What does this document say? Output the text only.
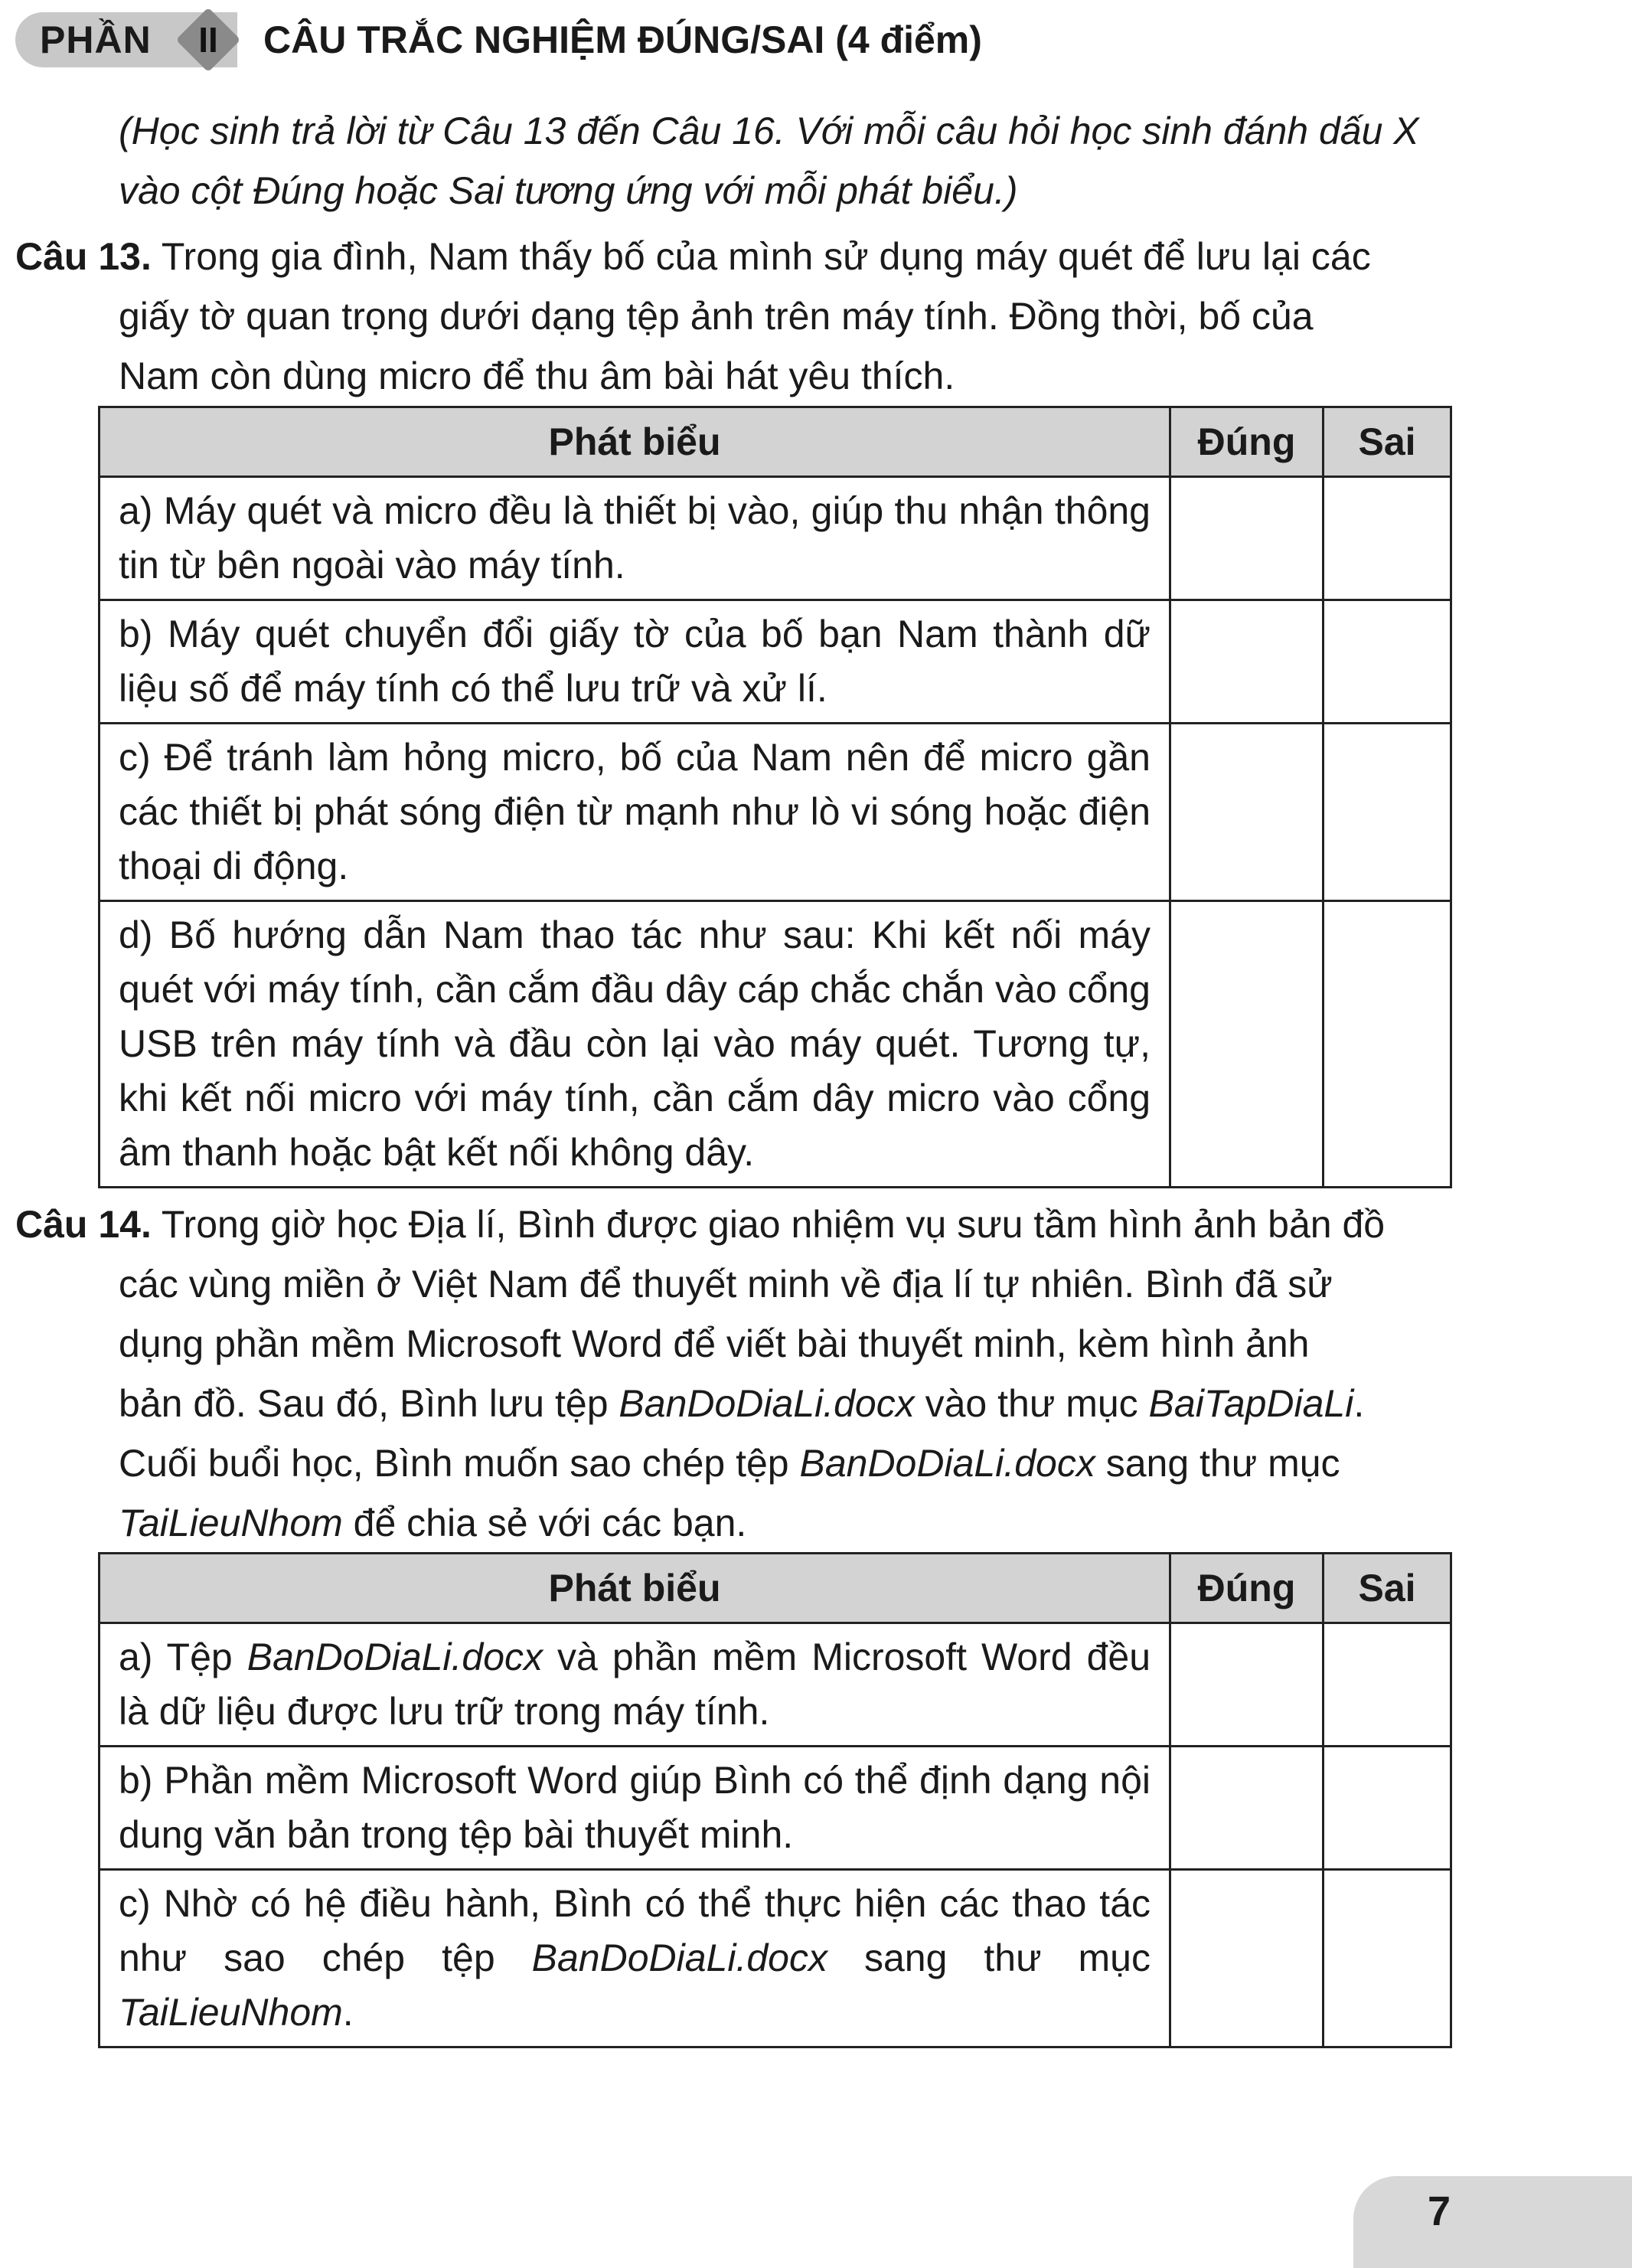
PHẦN	II	CÂU TRẮC NGHIỆM ĐÚNG/SAI (4 điểm)
(Học sinh trả lời từ Câu 13 đến Câu 16. Với mỗi câu hỏi học sinh đánh dấu X
vào cột Đúng hoặc Sai tương ứng với mỗi phát biểu.)
Câu 13. Trong gia đình, Nam thấy bố của mình sử dụng máy quét để lưu lại các
giấy tờ quan trọng dưới dạng tệp ảnh trên máy tính. Đồng thời, bố của
Nam còn dùng micro để thu âm bài hát yêu thích.
Phát biểu	Đúng	Sai
a) Máy quét và micro đều là thiết bị vào, giúp thu nhận thông tin từ bên ngoài vào máy tính.		
b) Máy quét chuyển đổi giấy tờ của bố bạn Nam thành dữ liệu số để máy tính có thể lưu trữ và xử lí.		
c) Để tránh làm hỏng micro, bố của Nam nên để micro gần các thiết bị phát sóng điện từ mạnh như lò vi sóng hoặc điện thoại di động.		
d) Bố hướng dẫn Nam thao tác như sau: Khi kết nối máy quét với máy tính, cần cắm đầu dây cáp chắc chắn vào cổng USB trên máy tính và đầu còn lại vào máy quét. Tương tự, khi kết nối micro với máy tính, cần cắm dây micro vào cổng âm thanh hoặc bật kết nối không dây.		
Câu 14. Trong giờ học Địa lí, Bình được giao nhiệm vụ sưu tầm hình ảnh bản đồ
các vùng miền ở Việt Nam để thuyết minh về địa lí tự nhiên. Bình đã sử
dụng phần mềm Microsoft Word để viết bài thuyết minh, kèm hình ảnh
bản đồ. Sau đó, Bình lưu tệp BanDoDiaLi.docx vào thư mục BaiTapDiaLi.
Cuối buổi học, Bình muốn sao chép tệp BanDoDiaLi.docx sang thư mục
TaiLieuNhom để chia sẻ với các bạn.
Phát biểu	Đúng	Sai
a) Tệp BanDoDiaLi.docx và phần mềm Microsoft Word đều là dữ liệu được lưu trữ trong máy tính.		
b) Phần mềm Microsoft Word giúp Bình có thể định dạng nội dung văn bản trong tệp bài thuyết minh.		
c) Nhờ có hệ điều hành, Bình có thể thực hiện các thao tác như sao chép tệp BanDoDiaLi.docx sang thư mục TaiLieuNhom.		
7
